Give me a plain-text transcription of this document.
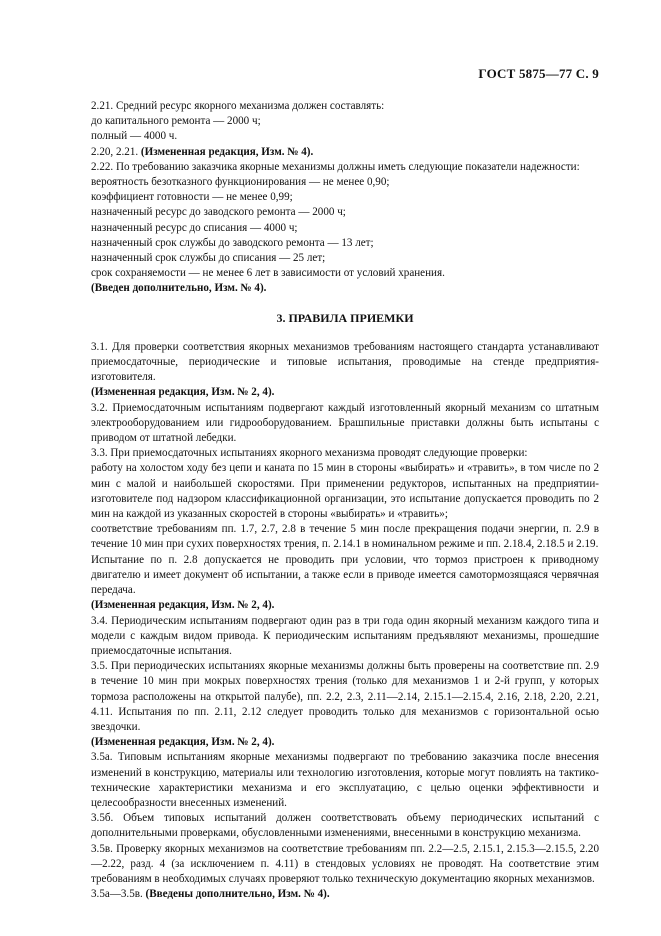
ГОСТ 5875—77 С. 9
2.21. Средний ресурс якорного механизма должен составлять:
до капитального ремонта — 2000 ч;
полный — 4000 ч.
2.20, 2.21. (Измененная редакция, Изм. № 4).
2.22. По требованию заказчика якорные механизмы должны иметь следующие показатели надежности:
вероятность безотказного функционирования — не менее 0,90;
коэффициент готовности — не менее 0,99;
назначенный ресурс до заводского ремонта — 2000 ч;
назначенный ресурс до списания — 4000 ч;
назначенный срок службы до заводского ремонта — 13 лет;
назначенный срок службы до списания — 25 лет;
срок сохраняемости — не менее 6 лет в зависимости от условий хранения.
(Введен дополнительно, Изм. № 4).
3. ПРАВИЛА ПРИЕМКИ
3.1. Для проверки соответствия якорных механизмов требованиям настоящего стандарта устанавливают приемосдаточные, периодические и типовые испытания, проводимые на стенде предприятия-изготовителя.
(Измененная редакция, Изм. № 2, 4).
3.2. Приемосдаточным испытаниям подвергают каждый изготовленный якорный механизм со штатным электрооборудованием или гидрооборудованием. Брашпильные приставки должны быть испытаны с приводом от штатной лебедки.
3.3. При приемосдаточных испытаниях якорного механизма проводят следующие проверки:
работу на холостом ходу без цепи и каната по 15 мин в стороны «выбирать» и «травить», в том числе по 2 мин с малой и наибольшей скоростями. При применении редукторов, испытанных на предприятии-изготовителе под надзором классификационной организации, это испытание допускается проводить по 2 мин на каждой из указанных скоростей в стороны «выбирать» и «травить»;
соответствие требованиям пп. 1.7, 2.7, 2.8 в течение 5 мин после прекращения подачи энергии, п. 2.9 в течение 10 мин при сухих поверхностях трения, п. 2.14.1 в номинальном режиме и пп. 2.18.4, 2.18.5 и 2.19.
Испытание по п. 2.8 допускается не проводить при условии, что тормоз пристроен к приводному двигателю и имеет документ об испытании, а также если в приводе имеется самотормозящаяся червячная передача.
(Измененная редакция, Изм. № 2, 4).
3.4. Периодическим испытаниям подвергают один раз в три года один якорный механизм каждого типа и модели с каждым видом привода. К периодическим испытаниям предъявляют механизмы, прошедшие приемосдаточные испытания.
3.5. При периодических испытаниях якорные механизмы должны быть проверены на соответствие пп. 2.9 в течение 10 мин при мокрых поверхностях трения (только для механизмов 1 и 2-й групп, у которых тормоза расположены на открытой палубе), пп. 2.2, 2.3, 2.11—2.14, 2.15.1—2.15.4, 2.16, 2.18, 2.20, 2.21, 4.11. Испытания по пп. 2.11, 2.12 следует проводить только для механизмов с горизонтальной осью звездочки.
(Измененная редакция, Изм. № 2, 4).
3.5а. Типовым испытаниям якорные механизмы подвергают по требованию заказчика после внесения изменений в конструкцию, материалы или технологию изготовления, которые могут повлиять на тактико-технические характеристики механизма и его эксплуатацию, с целью оценки эффективности и целесообразности внесенных изменений.
3.5б. Объем типовых испытаний должен соответствовать объему периодических испытаний с дополнительными проверками, обусловленными изменениями, внесенными в конструкцию механизма.
3.5в. Проверку якорных механизмов на соответствие требованиям пп. 2.2—2.5, 2.15.1, 2.15.3—2.15.5, 2.20—2.22, разд. 4 (за исключением п. 4.11) в стендовых условиях не проводят. На соответствие этим требованиям в необходимых случаях проверяют только техническую документацию якорных механизмов.
3.5а—3.5в. (Введены дополнительно, Изм. № 4).
